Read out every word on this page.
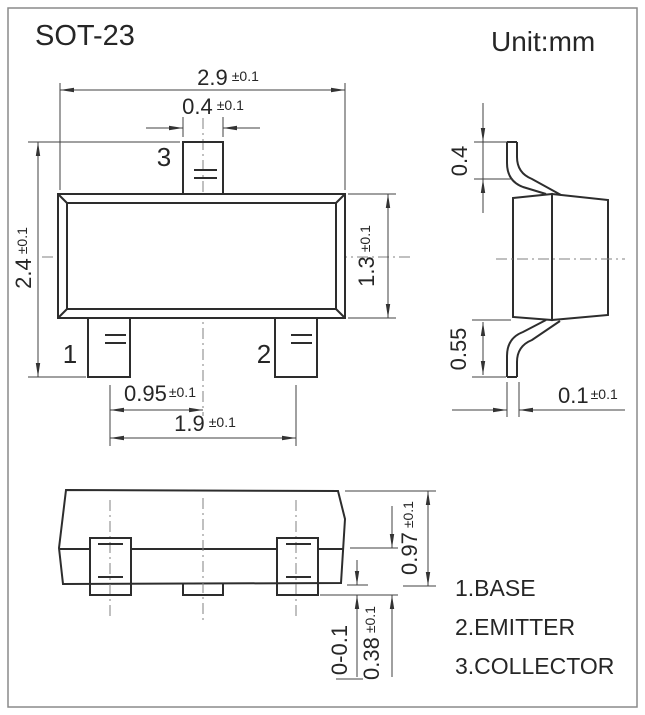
SOT-23	Unit:mm
3
1	2
2.9 ±0.1
0.4 ±0.1
2.4±0.1
1.3±0.1
0.95 ±0.1
1.9 ±0.1
0.4
0.55
0.1 ±0.1
0.97±0.1
0.38±0.1
0-0.1
1.BASE
2.EMITTER
3.COLLECTOR
